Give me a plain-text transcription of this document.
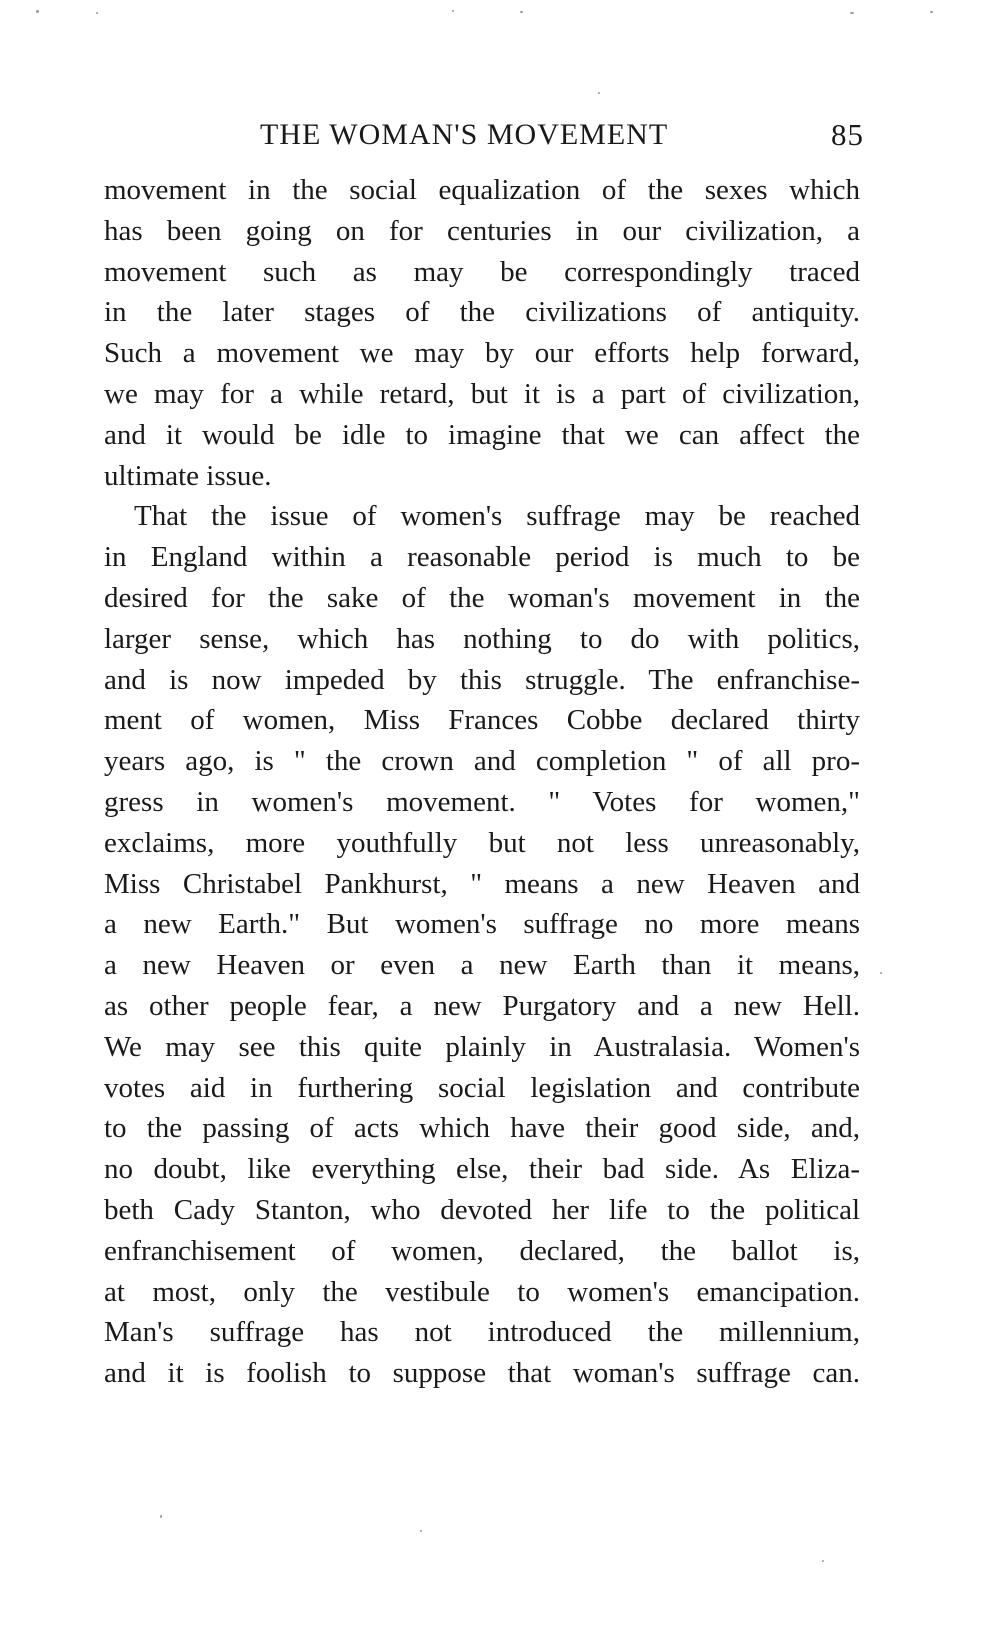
THE WOMAN'S MOVEMENT	85
movement in the social equalization of the sexes which
has been going on for centuries in our civilization, a
movement such as may be correspondingly traced
in the later stages of the civilizations of antiquity.
Such a movement we may by our efforts help forward,
we may for a while retard, but it is a part of civilization,
and it would be idle to imagine that we can affect the
ultimate issue.
That the issue of women's suffrage may be reached
in England within a reasonable period is much to be
desired for the sake of the woman's movement in the
larger sense, which has nothing to do with politics,
and is now impeded by this struggle. The enfranchise-
ment of women, Miss Frances Cobbe declared thirty
years ago, is " the crown and completion " of all pro-
gress in women's movement. " Votes for women,"
exclaims, more youthfully but not less unreasonably,
Miss Christabel Pankhurst, " means a new Heaven and
a new Earth." But women's suffrage no more means
a new Heaven or even a new Earth than it means,
as other people fear, a new Purgatory and a new Hell.
We may see this quite plainly in Australasia. Women's
votes aid in furthering social legislation and contribute
to the passing of acts which have their good side, and,
no doubt, like everything else, their bad side. As Eliza-
beth Cady Stanton, who devoted her life to the political
enfranchisement of women, declared, the ballot is,
at most, only the vestibule to women's emancipation.
Man's suffrage has not introduced the millennium,
and it is foolish to suppose that woman's suffrage can.
